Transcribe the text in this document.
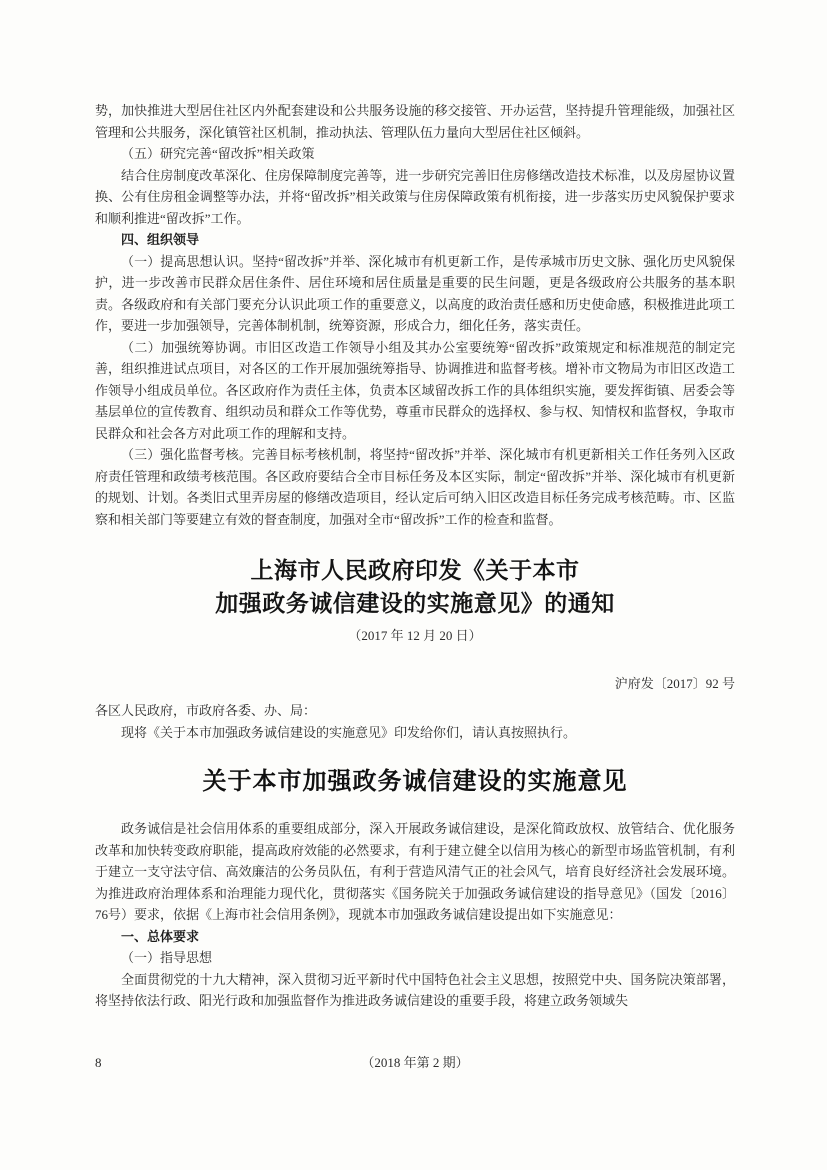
势，加快推进大型居住社区内外配套建设和公共服务设施的移交接管、开办运营，坚持提升管理能级，加强社区管理和公共服务，深化镇管社区机制，推动执法、管理队伍力量向大型居住社区倾斜。

（五）研究完善“留改拆”相关政策

结合住房制度改革深化、住房保障制度完善等，进一步研究完善旧住房修缮改造技术标准，以及房屋协议置换、公有住房租金调整等办法，并将“留改拆”相关政策与住房保障政策有机衔接，进一步落实历史风貌保护要求和顺利推进“留改拆”工作。

四、组织领导

（一）提高思想认识。坚持“留改拆”并举、深化城市有机更新工作，是传承城市历史文脉、强化历史风貌保护，进一步改善市民群众居住条件、居住环境和居住质量是重要的民生问题，更是各级政府公共服务的基本职责。各级政府和有关部门要充分认识此项工作的重要意义，以高度的政治责任感和历史使命感，积极推进此项工作，要进一步加强领导，完善体制机制，统筹资源，形成合力，细化任务，落实责任。

（二）加强统筹协调。市旧区改造工作领导小组及其办公室要统筹“留改拆”政策规定和标准规范的制定完善，组织推进试点项目，对各区的工作开展加强统筹指导、协调推进和监督考核。增补市文物局为市旧区改造工作领导小组成员单位。各区政府作为责任主体，负责本区域留改拆工作的具体组织实施，要发挥街镇、居委会等基层单位的宣传教育、组织动员和群众工作等优势，尊重市民群众的选择权、参与权、知情权和监督权，争取市民群众和社会各方对此项工作的理解和支持。

（三）强化监督考核。完善目标考核机制，将坚持“留改拆”并举、深化城市有机更新相关工作任务列入区政府责任管理和政绩考核范围。各区政府要结合全市目标任务及本区实际，制定“留改拆”并举、深化城市有机更新的规划、计划。各类旧式里弄房屋的修缮改造项目，经认定后可纳入旧区改造目标任务完成考核范畴。市、区监察和相关部门等要建立有效的督查制度，加强对全市“留改拆”工作的检查和监督。

上海市人民政府印发《关于本市
加强政务诚信建设的实施意见》的通知

（2017 年 12 月 20 日）

沪府发〔2017〕92 号

各区人民政府，市政府各委、办、局：

现将《关于本市加强政务诚信建设的实施意见》印发给你们，请认真按照执行。

关于本市加强政务诚信建设的实施意见

政务诚信是社会信用体系的重要组成部分，深入开展政务诚信建设，是深化简政放权、放管结合、优化服务改革和加快转变政府职能，提高政府效能的必然要求，有利于建立健全以信用为核心的新型市场监管机制，有利于建立一支守法守信、高效廉洁的公务员队伍，有利于营造风清气正的社会风气，培育良好经济社会发展环境。为推进政府治理体系和治理能力现代化，贯彻落实《国务院关于加强政务诚信建设的指导意见》（国发〔2016〕76号）要求，依据《上海市社会信用条例》，现就本市加强政务诚信建设提出如下实施意见：

一、总体要求

（一）指导思想

全面贯彻党的十九大精神，深入贯彻习近平新时代中国特色社会主义思想，按照党中央、国务院决策部署，将坚持依法行政、阳光行政和加强监督作为推进政务诚信建设的重要手段，将建立政务领域失

8	（2018 年第 2 期）
